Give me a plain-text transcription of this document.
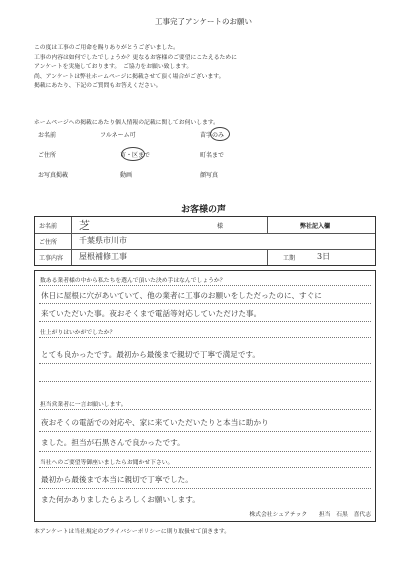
工事完了アンケートのお願い
この度は工事のご用命を賜りありがとうございました。
工事の内容は如何でしたでしょうか？更なるお客様のご要望にこたえるために
アンケートを実施しております。　ご協力をお願い致します。
尚、アンケートは弊社ホームページに掲載させて頂く場合がございます。
掲載にあたり、下記のご質問もお答えください。
ホームページへの掲載にあたり個人情報の記載に関してお伺いします。
お名前	フルネーム可	苗字のみ
ご住所	市・区まで	町名まで
お写真掲載	動画	顔写真
お客様の声
お名前 芝	様	弊社記入欄
ご住所	千葉県市川市
工事内容 屋根補修工事	工期	3日
数ある業者様の中から私たちを選んで頂いた決め手はなんでしょうか？
休日に屋根に穴があいていて、他の業者に工事のお願いをしただったのに、すぐに
来ていただいた事。夜おそくまで電話等対応していただけた事。
仕上がりはいかがでしたか？
とても良かったです。最初から最後まで親切で丁寧で満足です。
担当営業者に一言お願いします。
夜おそくの電話での対応や、家に来ていただいたりと本当に助かり
ました。担当が石黒さんで良かったです。
当社へのご要望等御座いましたらお聞かせ下さい。
最初から最後まで本当に親切で丁寧でした。
また何かありましたらよろしくお願いします。
株式会社シェアテック　　担当　石黒　喜代志
本アンケートは当社規定のプライバシーポリシーに則り取扱せて頂きます。
